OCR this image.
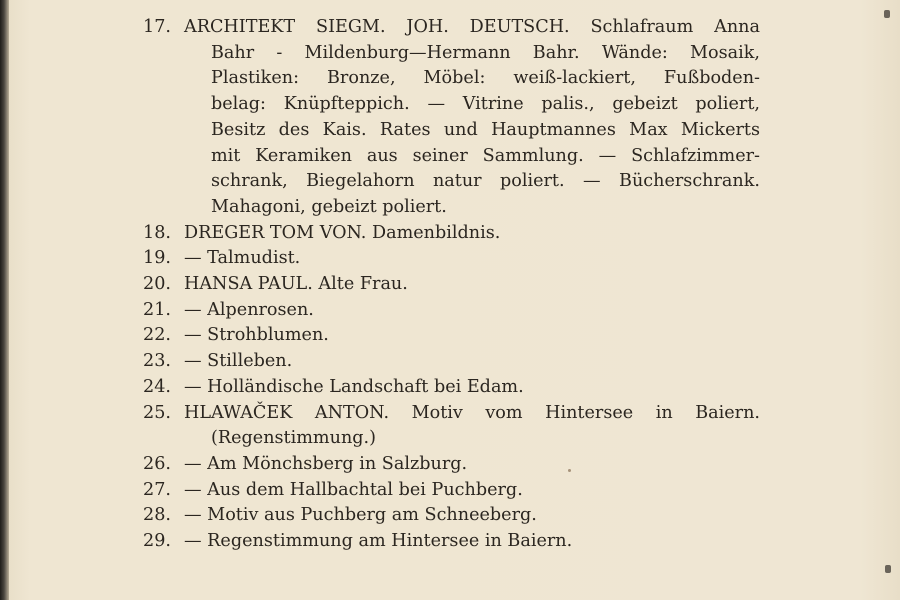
17. ARCHITEKT SIEGM. JOH. DEUTSCH. Schlafraum Anna
Bahr - Mildenburg—Hermann Bahr. Wände: Mosaik,
Plastiken: Bronze, Möbel: weiß-lackiert, Fußboden-
belag: Knüpfteppich. — Vitrine palis., gebeizt poliert,
Besitz des Kais. Rates und Hauptmannes Max Mickerts
mit Keramiken aus seiner Sammlung. — Schlafzimmer-
schrank, Biegelahorn natur poliert. — Bücherschrank.
Mahagoni, gebeizt poliert.
18. DREGER TOM VON. Damenbildnis.
19. — Talmudist.
20. HANSA PAUL. Alte Frau.
21. — Alpenrosen.
22. — Strohblumen.
23. — Stilleben.
24. — Holländische Landschaft bei Edam.
25. HLAWAČEK ANTON. Motiv vom Hintersee in Baiern.
(Regenstimmung.)
26. — Am Mönchsberg in Salzburg.
27. — Aus dem Hallbachtal bei Puchberg.
28. — Motiv aus Puchberg am Schneeberg.
29. — Regenstimmung am Hintersee in Baiern.
